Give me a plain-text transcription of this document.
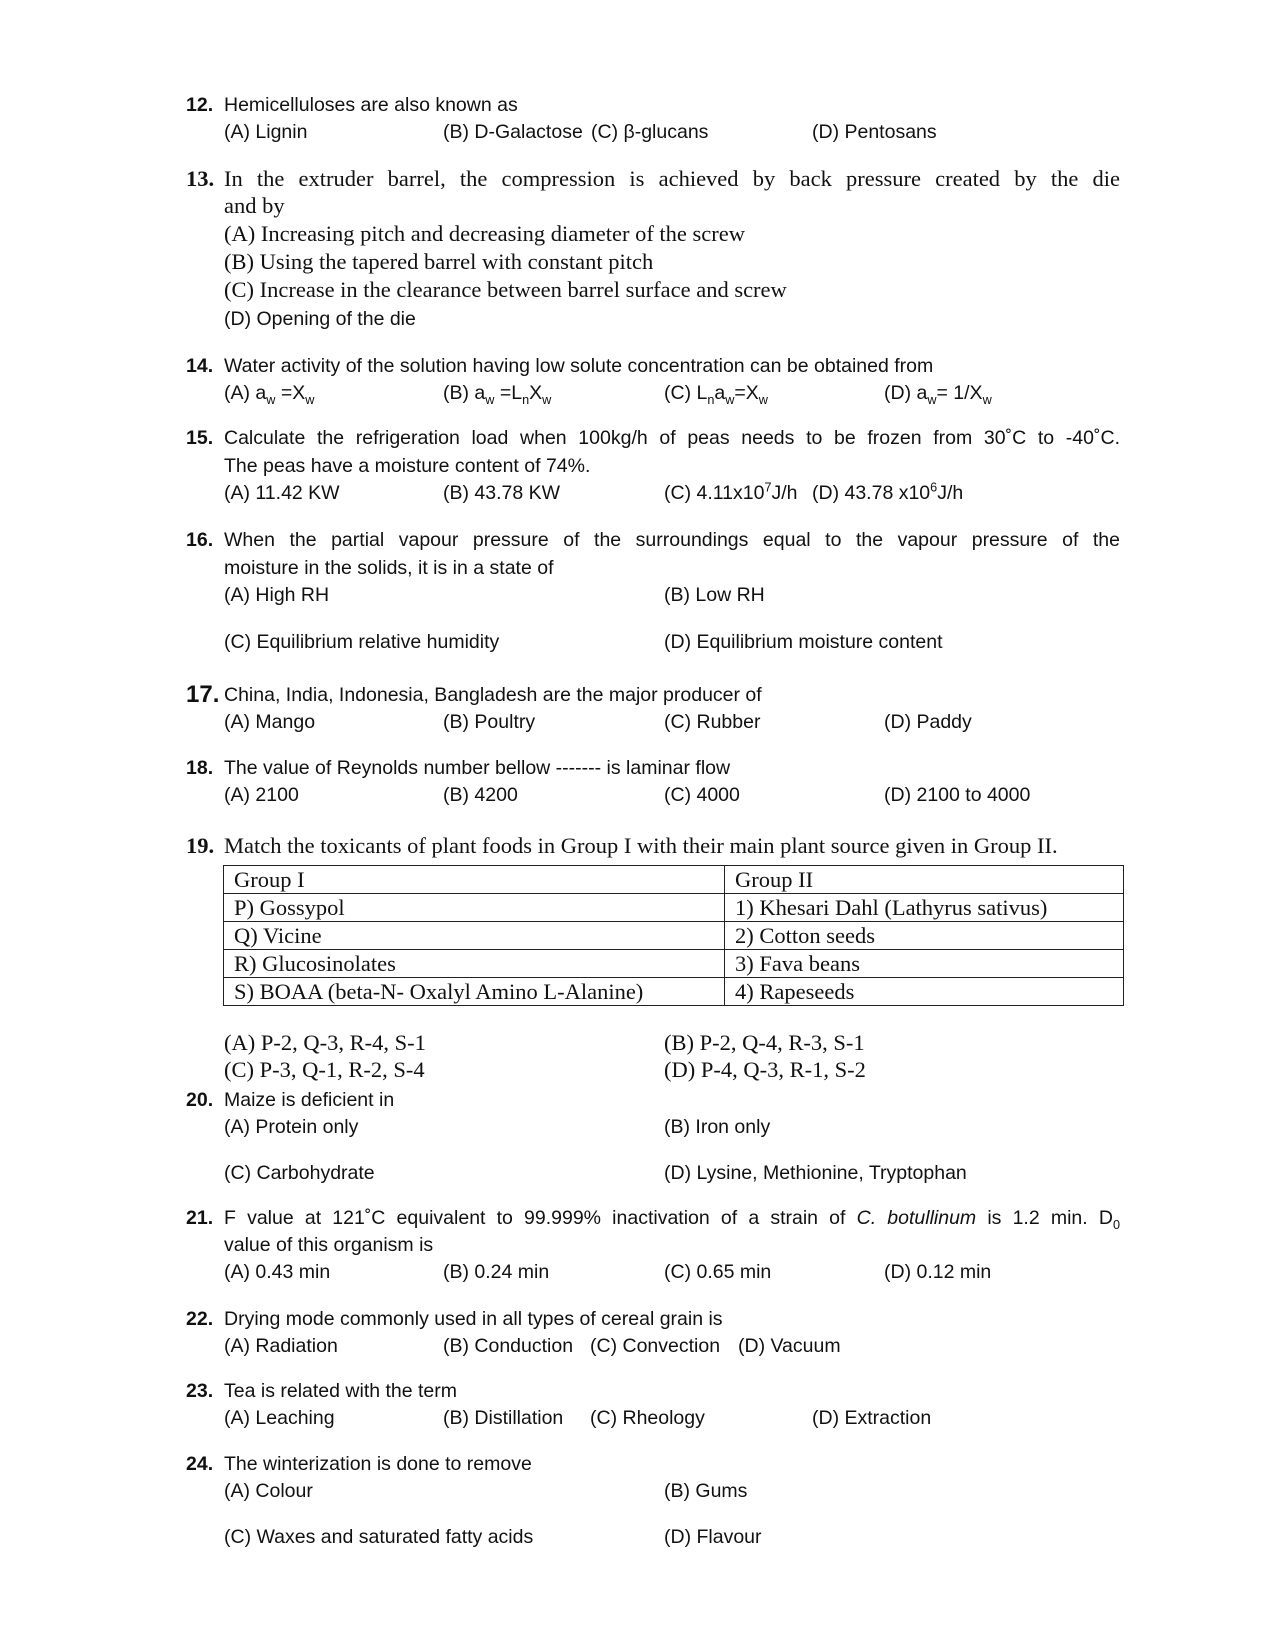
12. Hemicelluloses are also known as
(A) Lignin	(B) D-Galactose (C) β-glucans	(D) Pentosans
13. In the extruder barrel, the compression is achieved by back pressure created by the die
and by
(A) Increasing pitch and decreasing diameter of the screw
(B) Using the tapered barrel with constant pitch
(C) Increase in the clearance between barrel surface and screw
(D) Opening of the die
14. Water activity of the solution having low solute concentration can be obtained from
(A) $a_w =X_w$	(B) $a_w =L_nX_w$	(C) $L_na_w=X_w$	(D) $a_w= 1/X_w$
15. Calculate the refrigeration load when 100kg/h of peas needs to be frozen from 30˚C to -40˚C.
The peas have a moisture content of 74%.
(A) 11.42 KW	(B) 43.78 KW	(C) $4.11x10^7J/h$ (D) 43.78 $x10^6J/h$
16. When the partial vapour pressure of the surroundings equal to the vapour pressure of the
moisture in the solids, it is in a state of
(A) High RH	(B) Low RH
(C) Equilibrium relative humidity	(D) Equilibrium moisture content
17. China, India, Indonesia, Bangladesh are the major producer of
(A) Mango	(B) Poultry	(C) Rubber	(D) Paddy
18. The value of Reynolds number bellow ------- is laminar flow
(A) 2100	(B) 4200	(C) 4000	(D) 2100 to 4000
19. Match the toxicants of plant foods in Group I with their main plant source given in Group II.
Group I	Group II
P) Gossypol	1) Khesari Dahl (Lathyrus sativus)
Q) Vicine	2) Cotton seeds
R) Glucosinolates	3) Fava beans
S) BOAA (beta-N- Oxalyl Amino L-Alanine)	4) Rapeseeds
(A) P-2, Q-3, R-4, S-1	(B) P-2, Q-4, R-3, S-1
(C) P-3, Q-1, R-2, S-4	(D) P-4, Q-3, R-1, S-2
20. Maize is deficient in
(A) Protein only	(B) Iron only
(C) Carbohydrate	(D) Lysine, Methionine, Tryptophan
21. F value at 121˚C equivalent to 99.999% inactivation of a strain of C. botullinum is 1.2 min. $D_0$
value of this organism is
(A) 0.43 min	(B) 0.24 min	(C) 0.65 min	(D) 0.12 min
22. Drying mode commonly used in all types of cereal grain is
(A) Radiation	(B) Conduction (C) Convection (D) Vacuum
23. Tea is related with the term
(A) Leaching	(B) Distillation (C) Rheology	(D) Extraction
24. The winterization is done to remove
(A) Colour	(B) Gums
(C) Waxes and saturated fatty acids	(D) Flavour
